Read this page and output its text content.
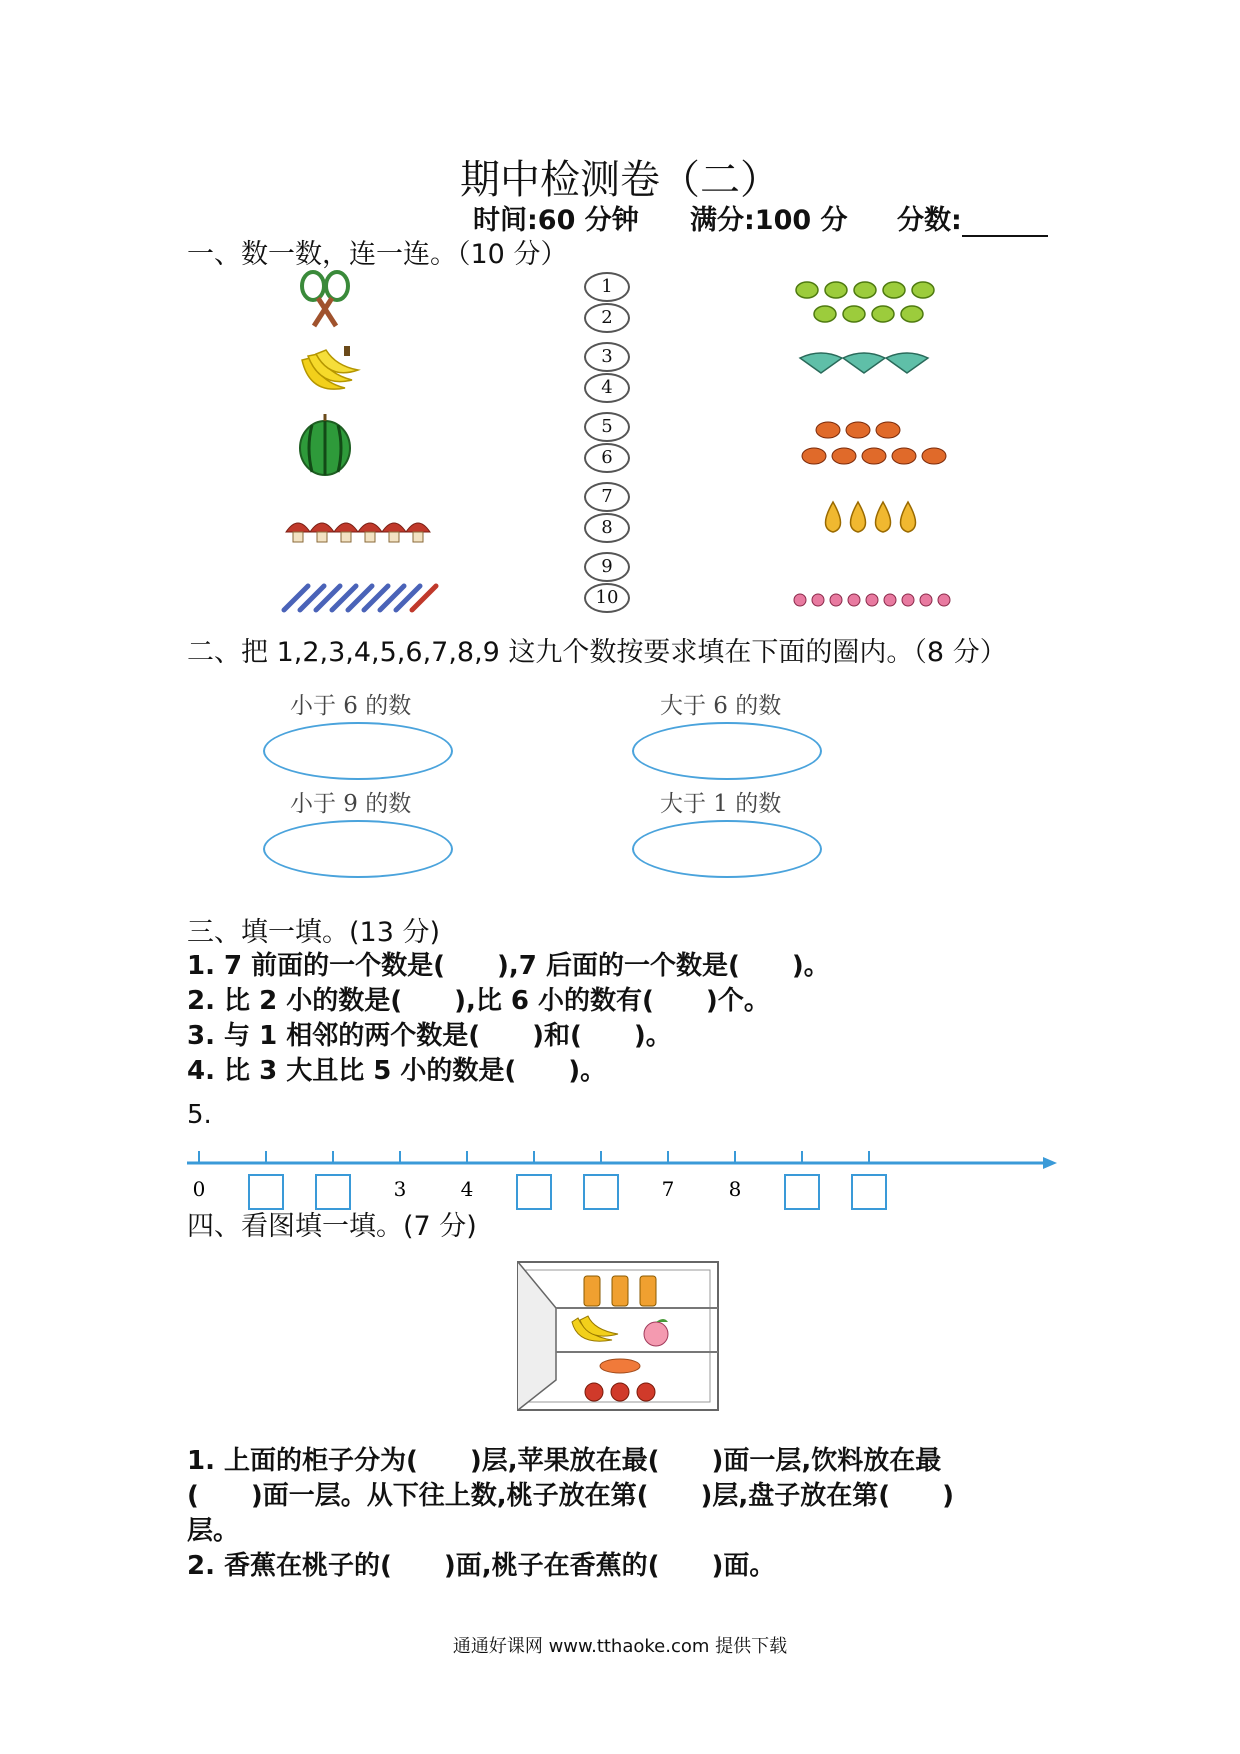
期中检测卷（二）
时间:60 分钟 满分:100 分 分数:
一、数一数，连一连。（10 分）
1
2
3
4
5
6
7
8
9
10
二、把 1,2,3,4,5,6,7,8,9 这九个数按要求填在下面的圈内。（8 分）
小于 6 的数	大于 6 的数
小于 9 的数	大于 1 的数
三、填一填。(13 分)
1. 7 前面的一个数是(　　),7 后面的一个数是(　　)。
2. 比 2 小的数是(　　),比 6 小的数有(　　)个。
3. 与 1 相邻的两个数是(　　)和(　　)。
4. 比 3 大且比 5 小的数是(　　)。
5.
0	3	4	7	8
四、看图填一填。(7 分)
1. 上面的柜子分为(　　)层,苹果放在最(　　)面一层,饮料放在最
(　　)面一层。从下往上数,桃子放在第(　　)层,盘子放在第(　　)
层。
2. 香蕉在桃子的(　　)面,桃子在香蕉的(　　)面。
通通好课网 www.tthaoke.com 提供下载
